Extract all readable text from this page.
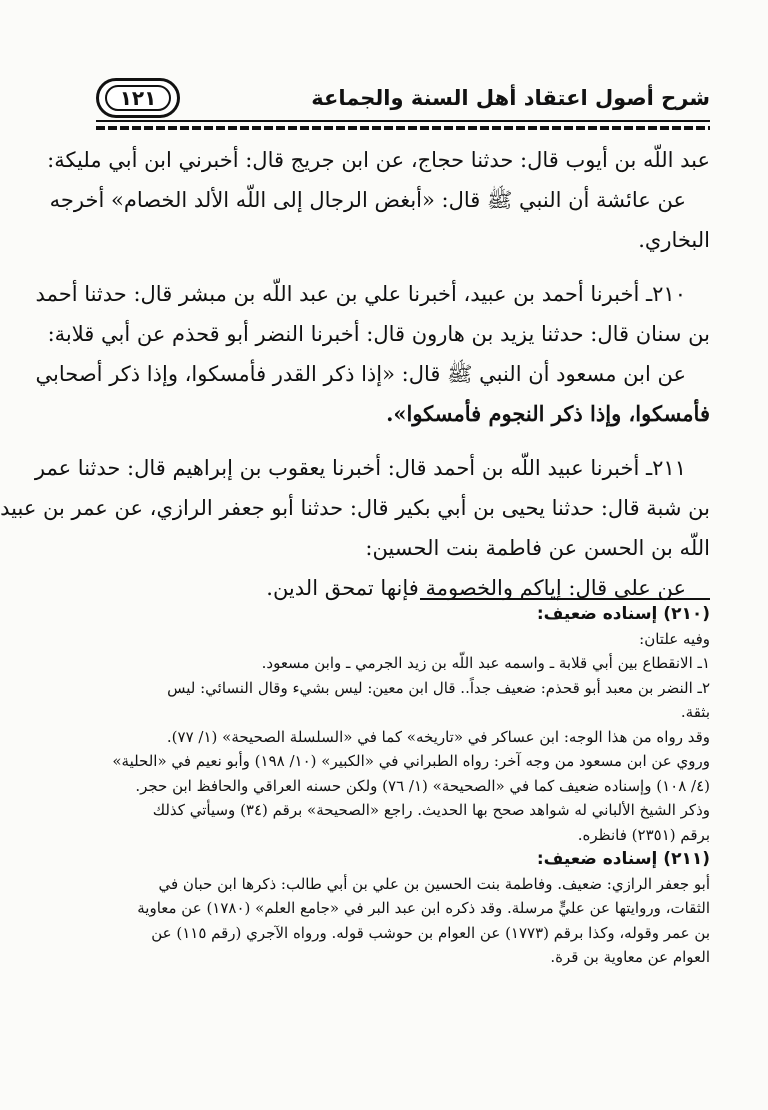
شرح أصول اعتقاد أهل السنة والجماعة
١٢١
عبد اللّه بن أيوب قال: حدثنا حجاج، عن ابن جريج قال: أخبرني ابن أبي مليكة:
عن عائشة أن النبي ﷺ قال: «أبغض الرجال إلى اللّه الألد الخصام» أخرجه
البخاري.
٢١٠ـ أخبرنا أحمد بن عبيد، أخبرنا علي بن عبد اللّه بن مبشر قال: حدثنا أحمد
بن سنان قال: حدثنا يزيد بن هارون قال: أخبرنا النضر أبو قحذم عن أبي قلابة:
عن ابن مسعود أن النبي ﷺ قال: «إذا ذكر القدر فأمسكوا، وإذا ذكر أصحابي
فأمسكوا، وإذا ذكر النجوم فأمسكوا».
٢١١ـ أخبرنا عبيد اللّه بن أحمد قال: أخبرنا يعقوب بن إبراهيم قال: حدثنا عمر
بن شبة قال: حدثنا يحيى بن أبي بكير قال: حدثنا أبو جعفر الرازي، عن عمر بن عبيد
اللّه بن الحسن عن فاطمة بنت الحسين:
عن علي قال: إياكم والخصومة فإنها تمحق الدين.
(٢١٠) إسناده ضعيف:
وفيه علتان:
١ـ الانقطاع بين أبي قلابة ـ واسمه عبد اللّه بن زيد الجرمي ـ وابن مسعود.
٢ـ النضر بن معبد أبو قحذم: ضعيف جداً.. قال ابن معين: ليس بشيء وقال النسائي: ليس
بثقة.
وقد رواه من هذا الوجه: ابن عساكر في «تاريخه» كما في «السلسلة الصحيحة» (١/ ٧٧).
وروي عن ابن مسعود من وجه آخر: رواه الطبراني في «الكبير» (١٠/ ١٩٨) وأبو نعيم في «الحلية»
(٤/ ١٠٨) وإسناده ضعيف كما في «الصحيحة» (١/ ٧٦) ولكن حسنه العراقي والحافظ ابن حجر.
وذكر الشيخ الألباني له شواهد صحح بها الحديث. راجع «الصحيحة» برقم (٣٤) وسيأتي كذلك
برقم (٢٣٥١) فانظره.
(٢١١) إسناده ضعيف:
أبو جعفر الرازي: ضعيف. وفاطمة بنت الحسين بن علي بن أبي طالب: ذكرها ابن حبان في
الثقات، وروايتها عن عليٍّ مرسلة. وقد ذكره ابن عبد البر في «جامع العلم» (١٧٨٠) عن معاوية
بن عمر وقوله، وكذا برقم (١٧٧٣) عن العوام بن حوشب قوله. ورواه الآجري (رقم ١١٥) عن
العوام عن معاوية بن قرة.
